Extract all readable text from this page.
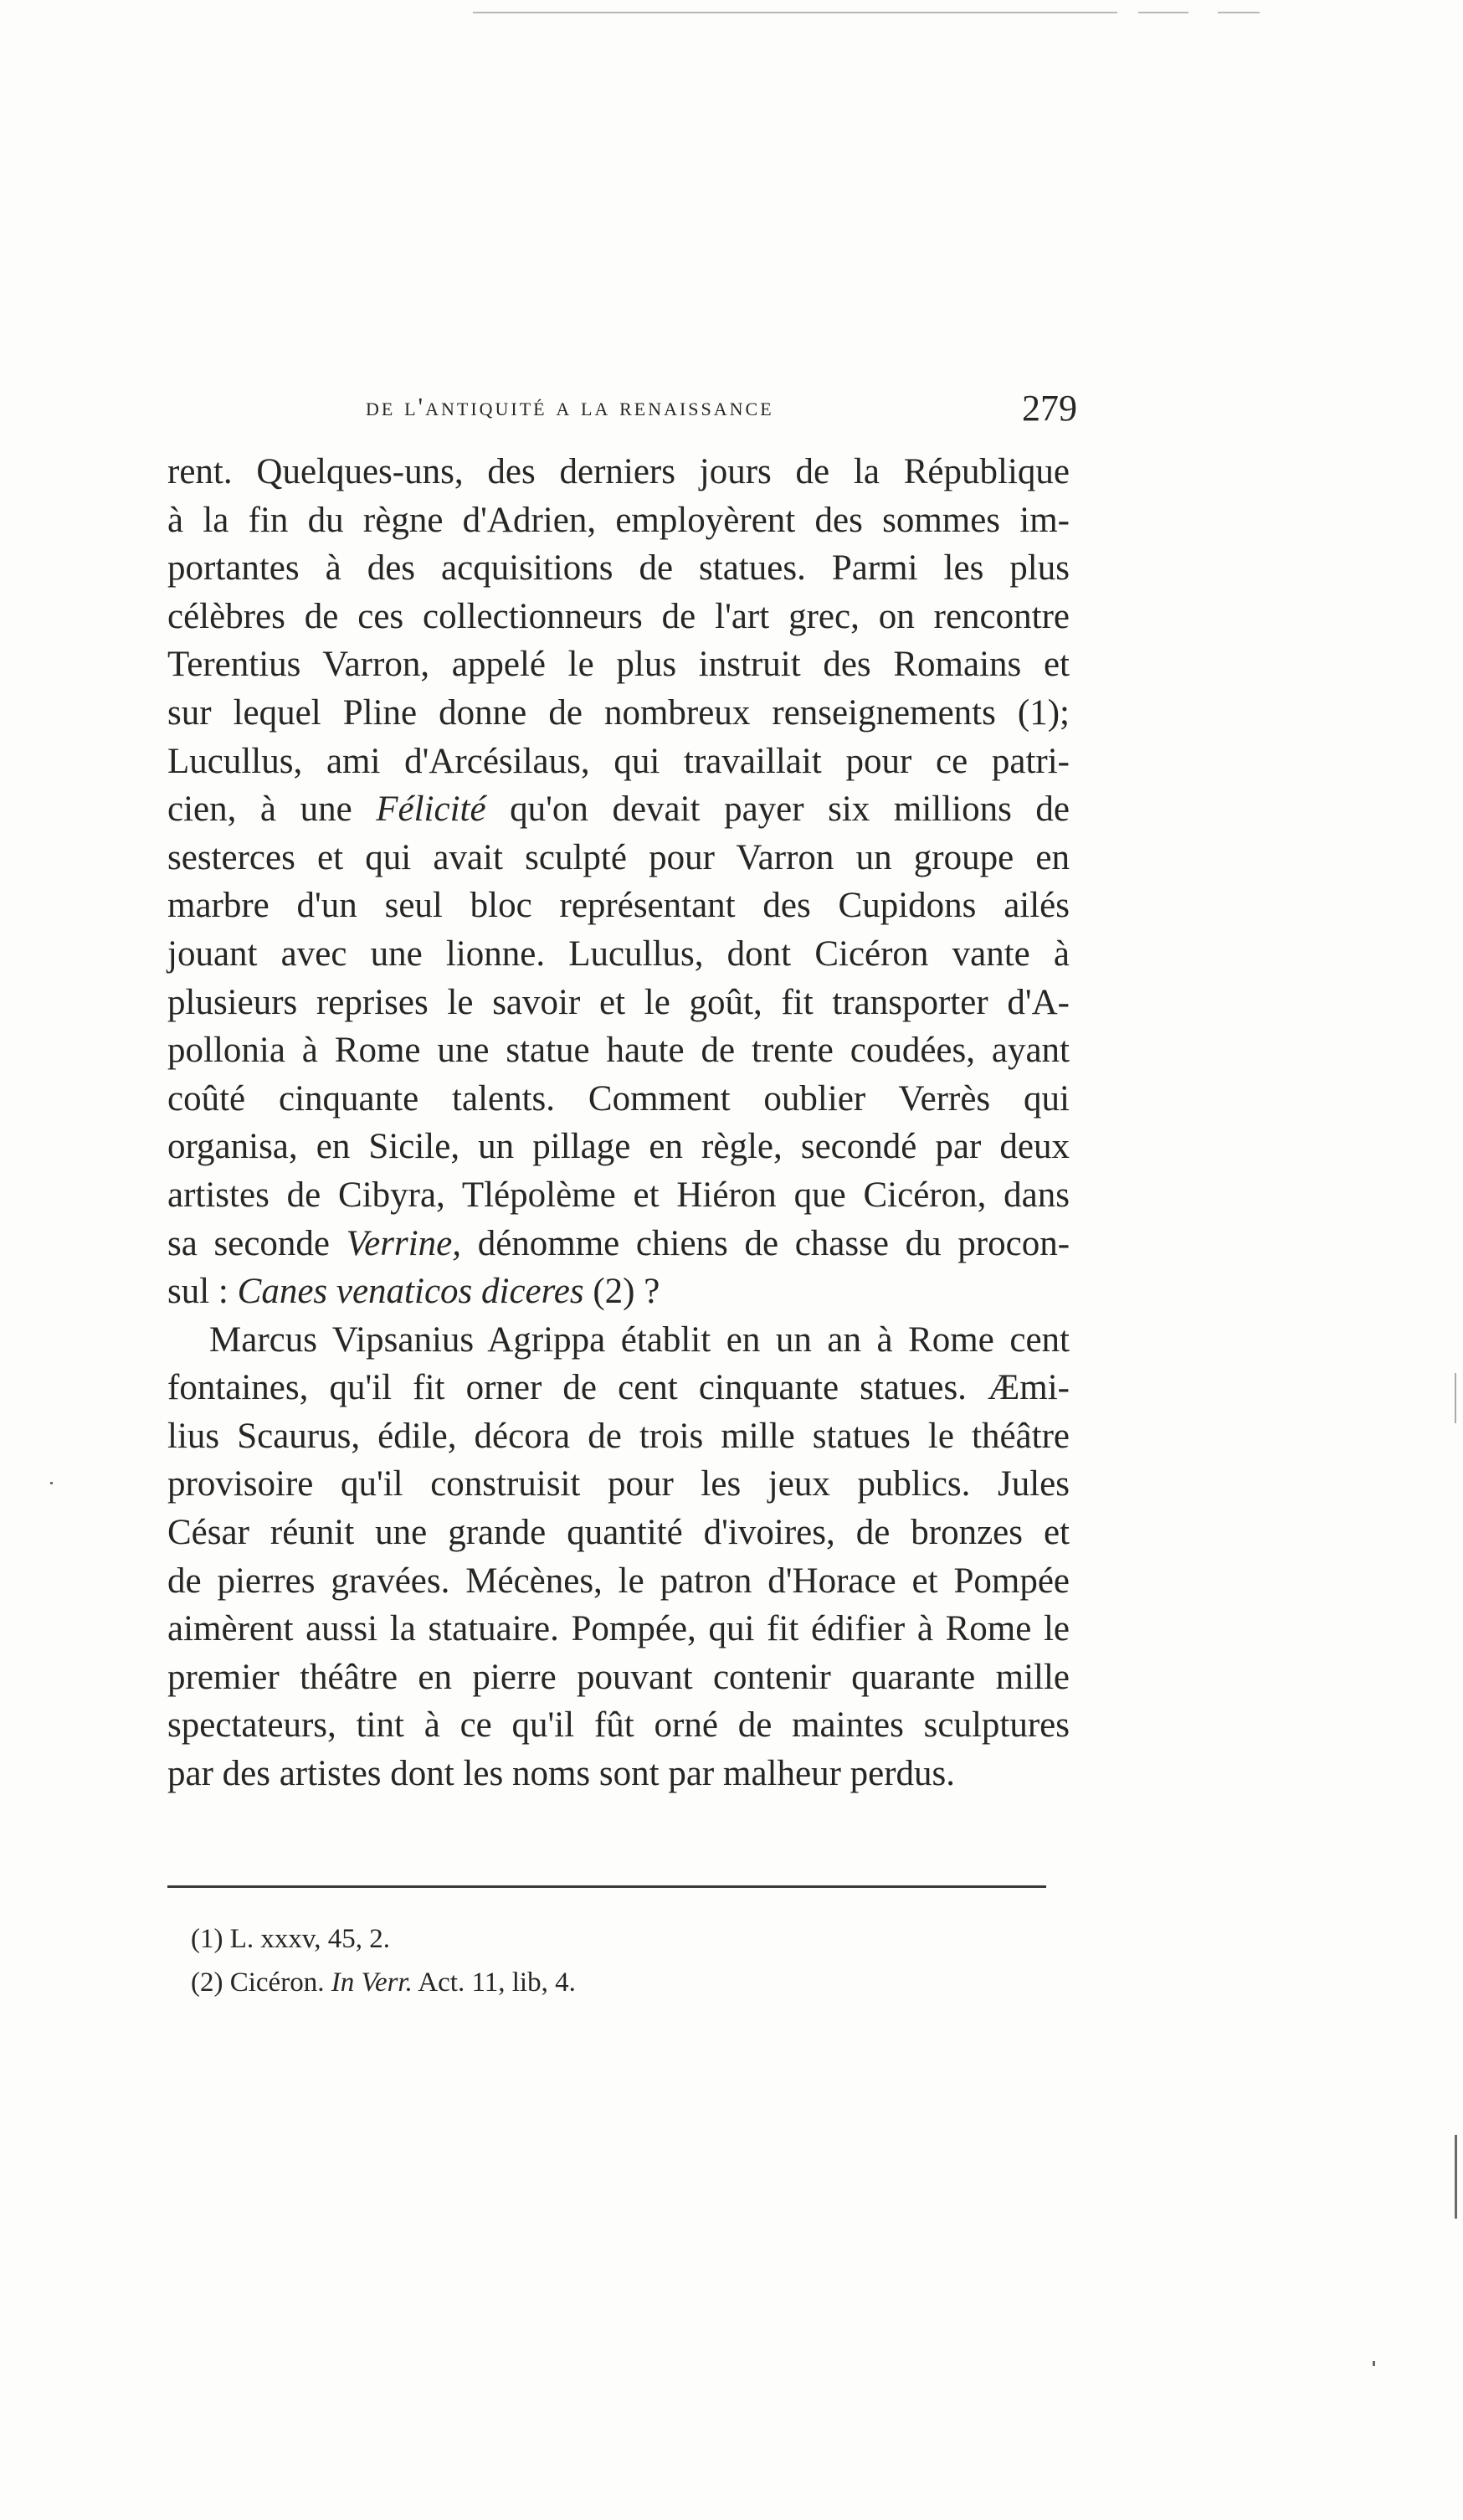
de l'antiquité a la renaissance	279
rent. Quelques-uns, des derniers jours de la République
à la fin du règne d'Adrien, employèrent des sommes im-
portantes à des acquisitions de statues. Parmi les plus
célèbres de ces collectionneurs de l'art grec, on rencontre
Terentius Varron, appelé le plus instruit des Romains et
sur lequel Pline donne de nombreux renseignements (1);
Lucullus, ami d'Arcésilaus, qui travaillait pour ce patri-
cien, à une Félicité qu'on devait payer six millions de
sesterces et qui avait sculpté pour Varron un groupe en
marbre d'un seul bloc représentant des Cupidons ailés
jouant avec une lionne. Lucullus, dont Cicéron vante à
plusieurs reprises le savoir et le goût, fit transporter d'A-
pollonia à Rome une statue haute de trente coudées, ayant
coûté cinquante talents. Comment oublier Verrès qui
organisa, en Sicile, un pillage en règle, secondé par deux
artistes de Cibyra, Tlépolème et Hiéron que Cicéron, dans
sa seconde Verrine, dénomme chiens de chasse du procon-
sul : Canes venaticos diceres (2) ?
Marcus Vipsanius Agrippa établit en un an à Rome cent
fontaines, qu'il fit orner de cent cinquante statues. Æmi-
lius Scaurus, édile, décora de trois mille statues le théâtre
provisoire qu'il construisit pour les jeux publics. Jules
César réunit une grande quantité d'ivoires, de bronzes et
de pierres gravées. Mécènes, le patron d'Horace et Pompée
aimèrent aussi la statuaire. Pompée, qui fit édifier à Rome le
premier théâtre en pierre pouvant contenir quarante mille
spectateurs, tint à ce qu'il fût orné de maintes sculptures
par des artistes dont les noms sont par malheur perdus.
(1) L. xxxv, 45, 2.
(2) Cicéron. In Verr. Act. 11, lib, 4.
